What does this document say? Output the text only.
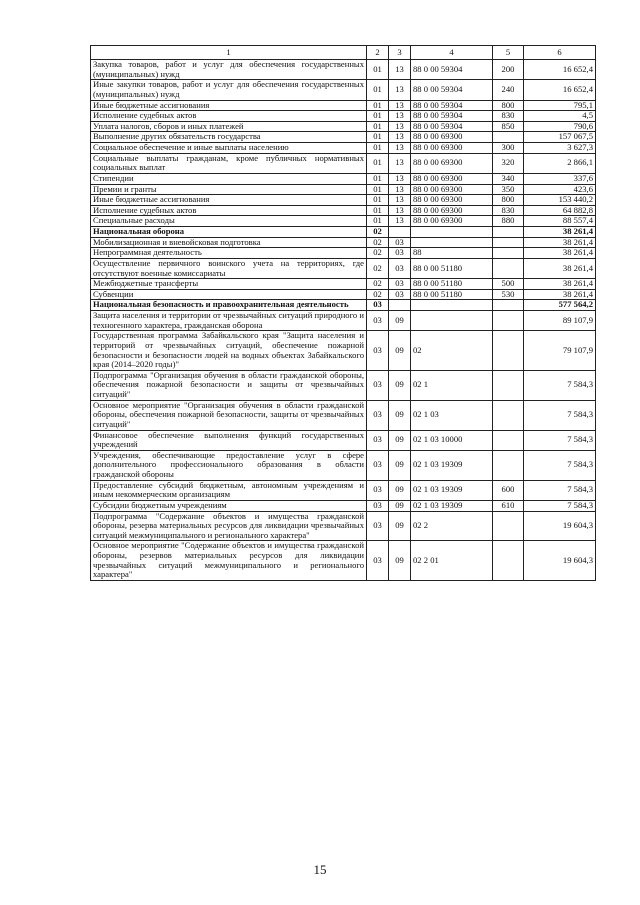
1	2	3	4	5	6
Закупка товаров, работ и услуг для обеспечения государственных (муниципальных) нужд	01	13	88 0 00 59304	200	16 652,4
Иные закупки товаров, работ и услуг для обеспечения государственных (муниципальных) нужд	01	13	88 0 00 59304	240	16 652,4
Иные бюджетные ассигнования	01	13	88 0 00 59304	800	795,1
Исполнение судебных актов	01	13	88 0 00 59304	830	4,5
Уплата налогов, сборов и иных платежей	01	13	88 0 00 59304	850	790,6
Выполнение других обязательств государства	01	13	88 0 00 69300		157 067,5
Социальное обеспечение и иные выплаты населению	01	13	88 0 00 69300	300	3 627,3
Социальные выплаты гражданам, кроме публичных нормативных социальных выплат	01	13	88 0 00 69300	320	2 866,1
Стипендии	01	13	88 0 00 69300	340	337,6
Премии и гранты	01	13	88 0 00 69300	350	423,6
Иные бюджетные ассигнования	01	13	88 0 00 69300	800	153 440,2
Исполнение судебных актов	01	13	88 0 00 69300	830	64 882,8
Специальные расходы	01	13	88 0 00 69300	880	88 557,4
Национальная оборона	02				38 261,4
Мобилизационная и вневойсковая подготовка	02	03			38 261,4
Непрограммная деятельность	02	03	88		38 261,4
Осуществление первичного воинского учета на территориях, где отсутствуют военные комиссариаты	02	03	88 0 00 51180		38 261,4
Межбюджетные трансферты	02	03	88 0 00 51180	500	38 261,4
Субвенции	02	03	88 0 00 51180	530	38 261,4
Национальная безопасность и правоохранительная деятельность	03				577 564,2
Защита населения и территории от чрезвычайных ситуаций природного и техногенного характера, гражданская оборона	03	09			89 107,9
Государственная программа Забайкальского края "Защита населения и территорий от чрезвычайных ситуаций, обеспечение пожарной безопасности и безопасности людей на водных объектах Забайкальского края (2014–2020 годы)"	03	09	02		79 107,9
Подпрограмма "Организация обучения в области гражданской обороны, обеспечения пожарной безопасности и защиты от чрезвычайных ситуаций"	03	09	02 1		7 584,3
Основное мероприятие "Организация обучения в области гражданской обороны, обеспечения пожарной безопасности, защиты от чрезвычайных ситуаций"	03	09	02 1 03		7 584,3
Финансовое обеспечение выполнения функций государственных учреждений	03	09	02 1 03 10000		7 584,3
Учреждения, обеспечивающие предоставление услуг в сфере дополнительного профессионального образования в области гражданской обороны	03	09	02 1 03 19309		7 584,3
Предоставление субсидий бюджетным, автономным учреждениям и иным некоммерческим организациям	03	09	02 1 03 19309	600	7 584,3
Субсидии бюджетным учреждениям	03	09	02 1 03 19309	610	7 584,3
Подпрограмма "Содержание объектов и имущества гражданской обороны, резерва материальных ресурсов для ликвидации чрезвычайных ситуаций межмуниципального и регионального характера"	03	09	02 2		19 604,3
Основное мероприятие "Содержание объектов и имущества гражданской обороны, резервов материальных ресурсов для ликвидации чрезвычайных ситуаций межмуниципального и регионального характера"	03	09	02 2 01		19 604,3
15
